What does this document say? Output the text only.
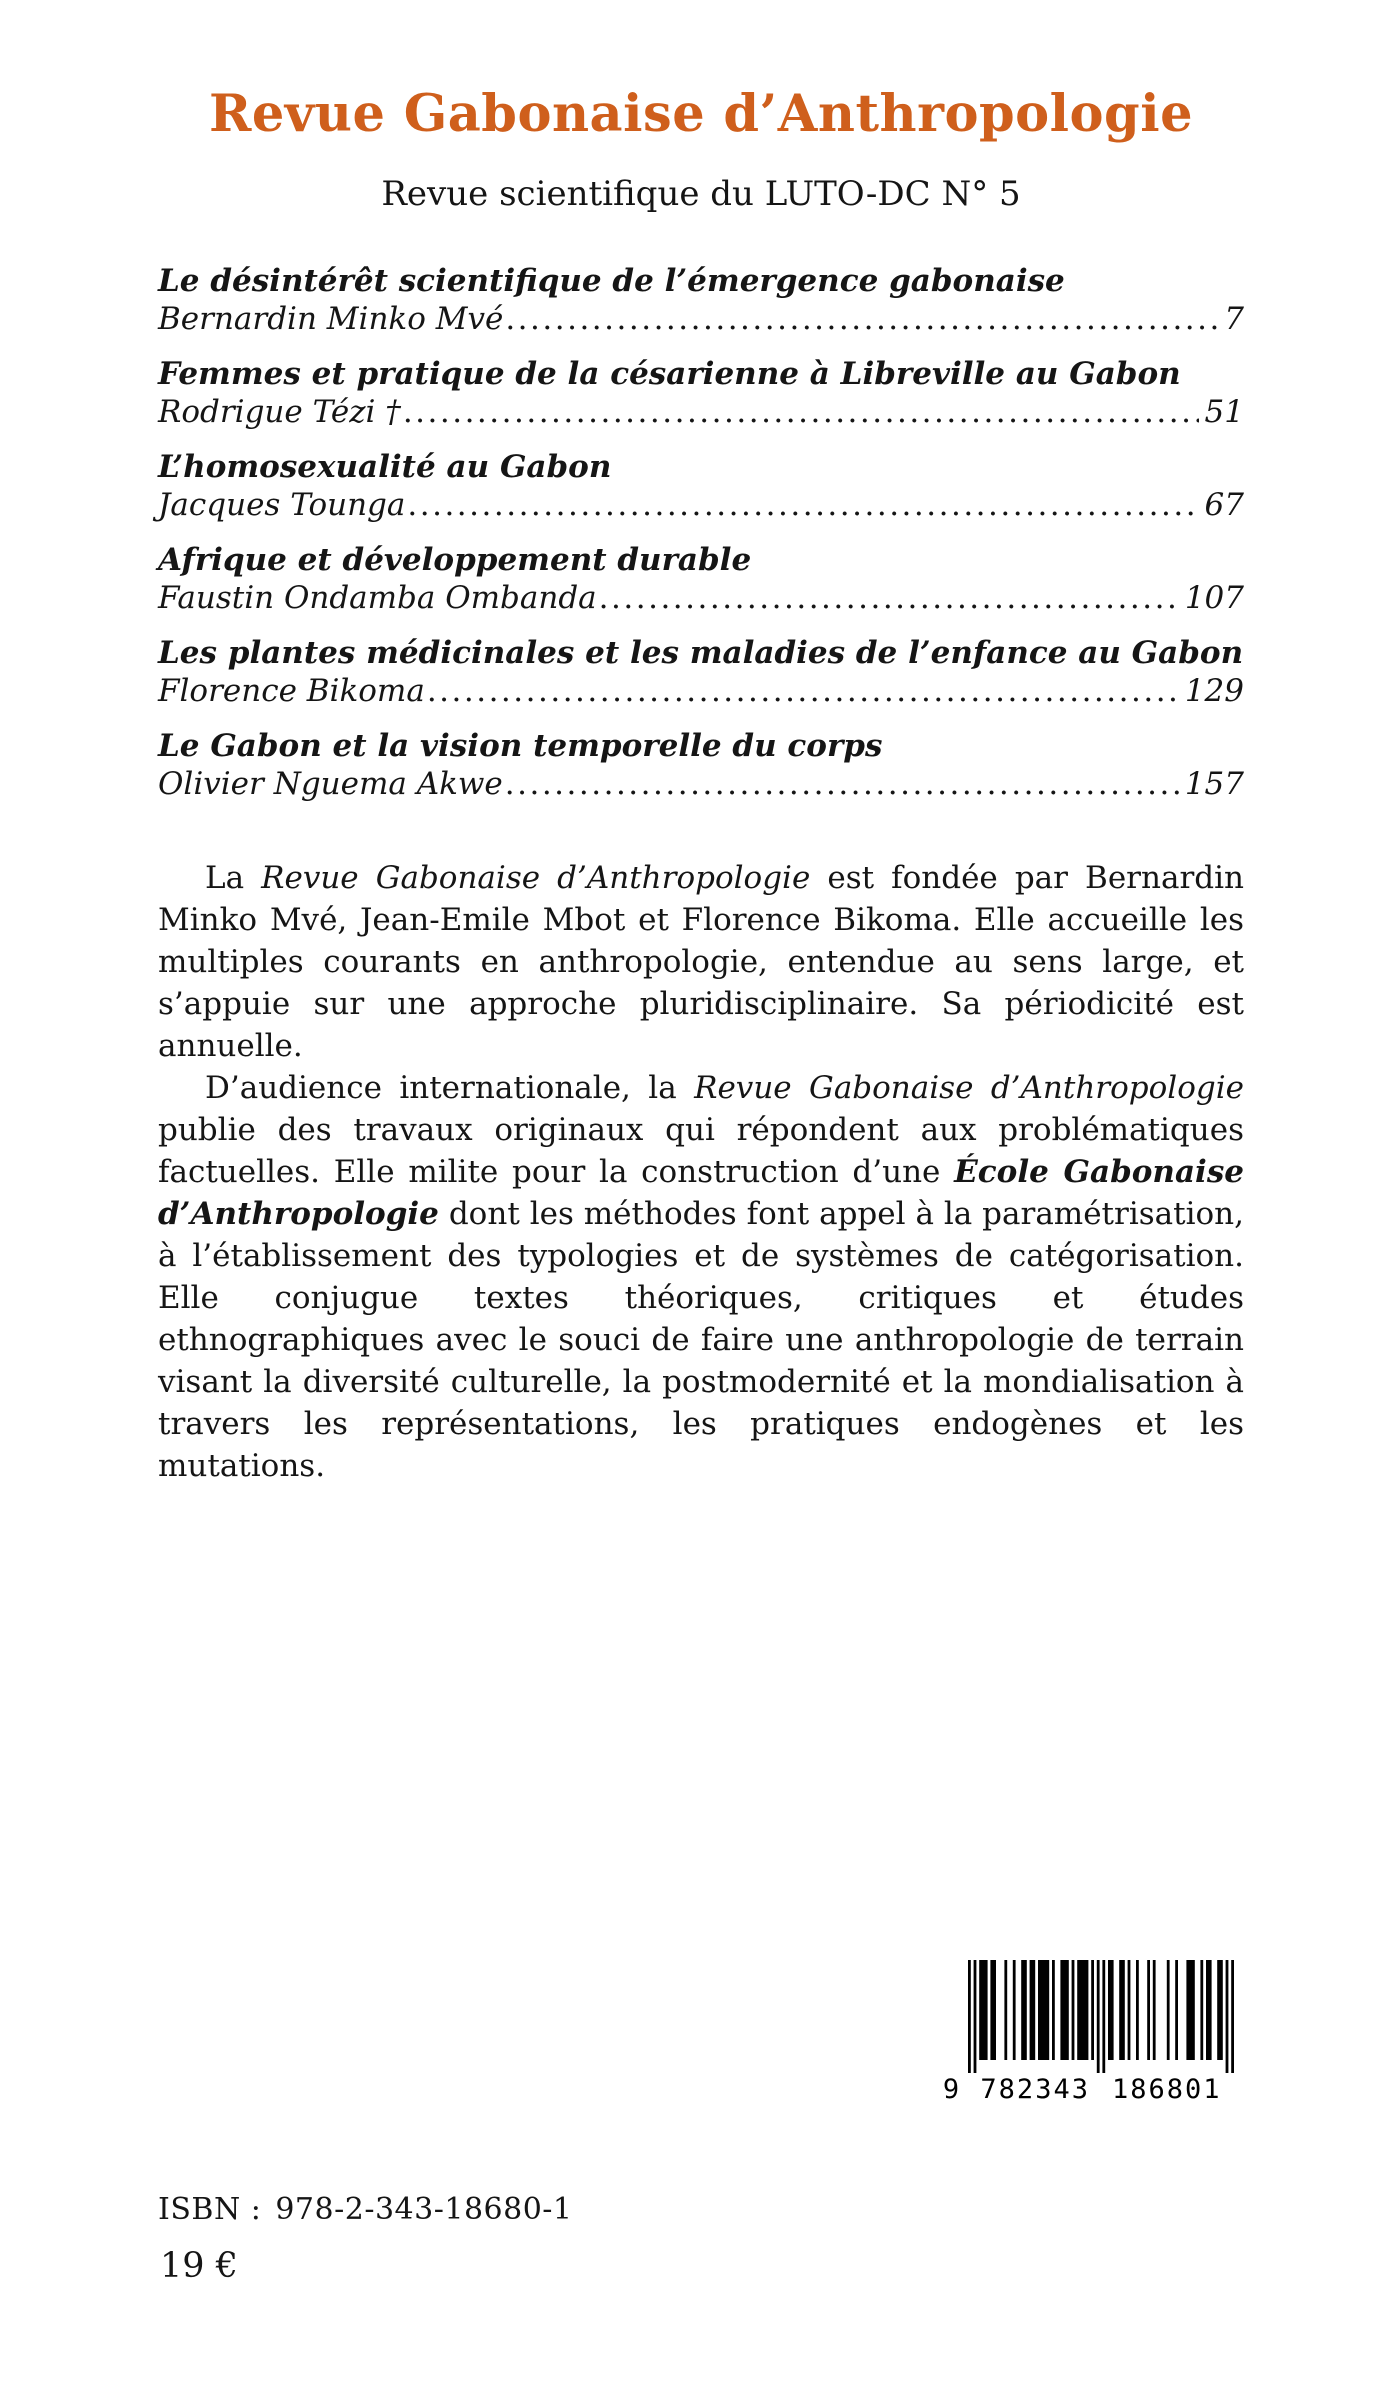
Revue Gabonaise d’Anthropologie
Revue scientifique du LUTO-DC N° 5
Le désintérêt scientifique de l’émergence gabonaise
Bernardin Minko Mvé .....	7
Femmes et pratique de la césarienne à Libreville au Gabon
Rodrigue Tézi † .....	51
L’homosexualité au Gabon
Jacques Tounga .....	67
Afrique et développement durable
Faustin Ondamba Ombanda .....	107
Les plantes médicinales et les maladies de l’enfance au Gabon
Florence Bikoma .....	129
Le Gabon et la vision temporelle du corps
Olivier Nguema Akwe .....	157

La Revue Gabonaise d’Anthropologie est fondée par Bernardin Minko Mvé, Jean-Emile Mbot et Florence Bikoma. Elle accueille les multiples courants en anthropologie, entendue au sens large, et s’appuie sur une approche pluridisciplinaire. Sa périodicité est annuelle.

D’audience internationale, la Revue Gabonaise d’Anthropologie publie des travaux originaux qui répondent aux problématiques factuelles. Elle milite pour la construction d’une École Gabonaise d’Anthropologie dont les méthodes font appel à la paramétrisation, à l’établissement des typologies et de systèmes de catégorisation. Elle conjugue textes théoriques, critiques et études ethnographiques avec le souci de faire une anthropologie de terrain visant la diversité culturelle, la postmodernité et la mondialisation à travers les représentations, les pratiques endogènes et les mutations.

9 782343 186801
ISBN : 978-2-343-18680-1
19 €
